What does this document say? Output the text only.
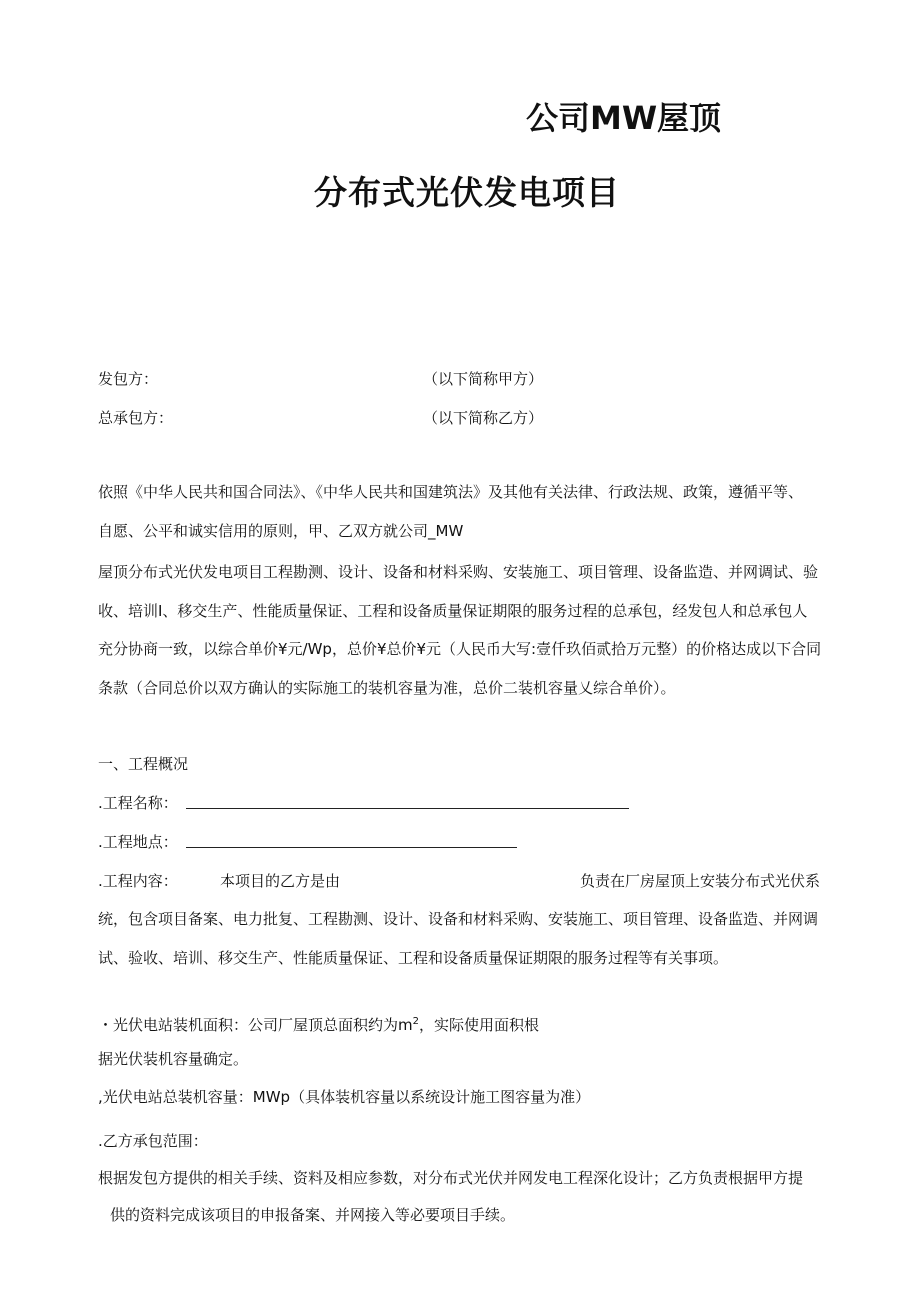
公司MW屋顶
分布式光伏发电项目

发包方：	（以下简称甲方）

总承包方：	（以下简称乙方）

依照《中华人民共和国合同法》、《中华人民共和国建筑法》及其他有关法律、行政法规、政策，遵循平等、

自愿、公平和诚实信用的原则，甲、乙双方就公司_MW

屋顶分布式光伏发电项目工程勘测、设计、设备和材料采购、安装施工、项目管理、设备监造、并网调试、验

收、培训I、移交生产、性能质量保证、工程和设备质量保证期限的服务过程的总承包，经发包人和总承包人

充分协商一致，以综合单价¥元/Wp，总价¥总价¥元（人民币大写:壹仟玖佰贰拾万元整）的价格达成以下合同

条款（合同总价以双方确认的实际施工的装机容量为准，总价二装机容量乂综合单价）。

一、工程概况

.工程名称：

.工程地点：

.工程内容：	本项目的乙方是由	负责在厂房屋顶上安装分布式光伏系

统，包含项目备案、电力批复、工程勘测、设计、设备和材料采购、安装施工、项目管理、设备监造、并网调

试、验收、培训、移交生产、性能质量保证、工程和设备质量保证期限的服务过程等有关事项。

・光伏电站装机面积：公司厂屋顶总面积约为$m^2$，实际使用面积根

据光伏装机容量确定。

,光伏电站总装机容量：MWp（具体装机容量以系统设计施工图容量为准）

.乙方承包范围：

根据发包方提供的相关手续、资料及相应参数，对分布式光伏并网发电工程深化设计；乙方负责根据甲方提

供的资料完成该项目的申报备案、并网接入等必要项目手续。
